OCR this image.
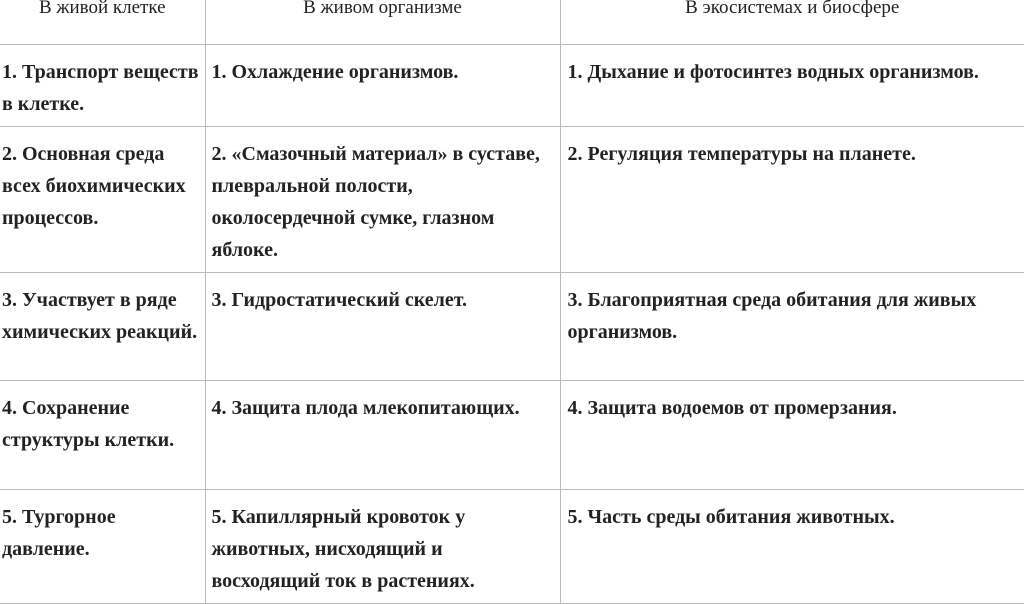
В живой клетке	В живом организме	В экосистемах и биосфере
1. Транспорт веществ в клетке.	1. Охлаждение организмов.	1. Дыхание и фотосинтез водных организмов.
2. Основная среда всех биохимических процессов.	2. «Смазочный материал» в суставе, плевральной полости, околосердечной сумке, глазном яблоке.	2. Регуляция температуры на планете.
3. Участвует в ряде химических реакций.	3. Гидростатический скелет.	3. Благоприятная среда обитания для живых организмов.
4. Сохранение структуры клетки.	4. Защита плода млекопитающих.	4. Защита водоемов от промерзания.
5. Тургорное давление.	5. Капиллярный кровоток у животных, нисходящий и восходящий ток в растениях.	5. Часть среды обитания животных.
